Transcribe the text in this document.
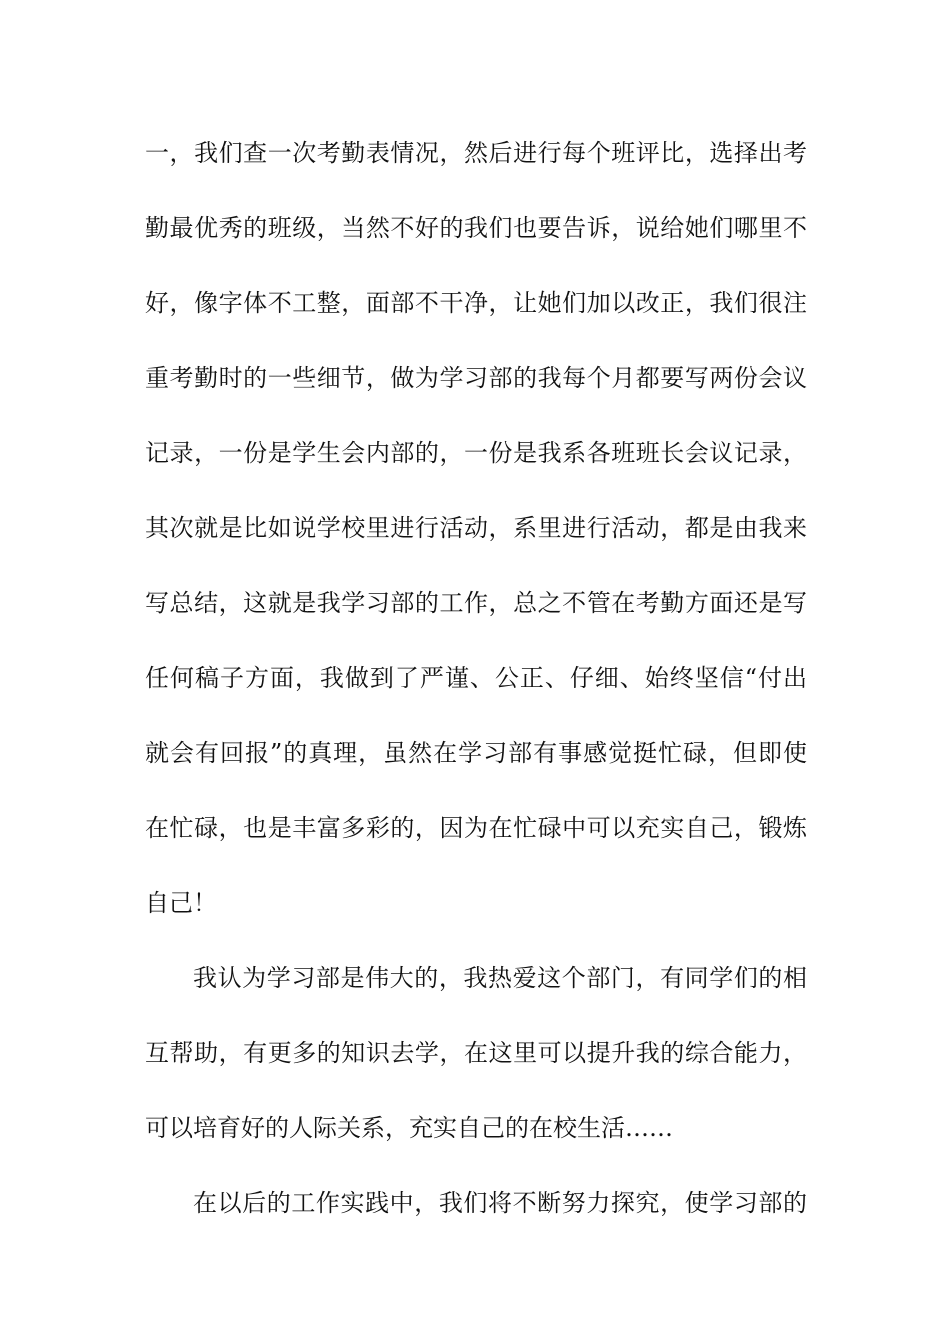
一，我们查一次考勤表情况，然后进行每个班评比，选择出考
勤最优秀的班级，当然不好的我们也要告诉，说给她们哪里不
好，像字体不工整，面部不干净，让她们加以改正，我们很注
重考勤时的一些细节，做为学习部的我每个月都要写两份会议
记录，一份是学生会内部的，一份是我系各班班长会议记录，
其次就是比如说学校里进行活动，系里进行活动，都是由我来
写总结，这就是我学习部的工作，总之不管在考勤方面还是写
任何稿子方面，我做到了严谨、公正、仔细、始终坚信“付出
就会有回报”的真理，虽然在学习部有事感觉挺忙碌，但即使
在忙碌，也是丰富多彩的，因为在忙碌中可以充实自己，锻炼
自己！
我认为学习部是伟大的，我热爱这个部门，有同学们的相
互帮助，有更多的知识去学，在这里可以提升我的综合能力，
可以培育好的人际关系，充实自己的在校生活……
在以后的工作实践中，我们将不断努力探究，使学习部的
